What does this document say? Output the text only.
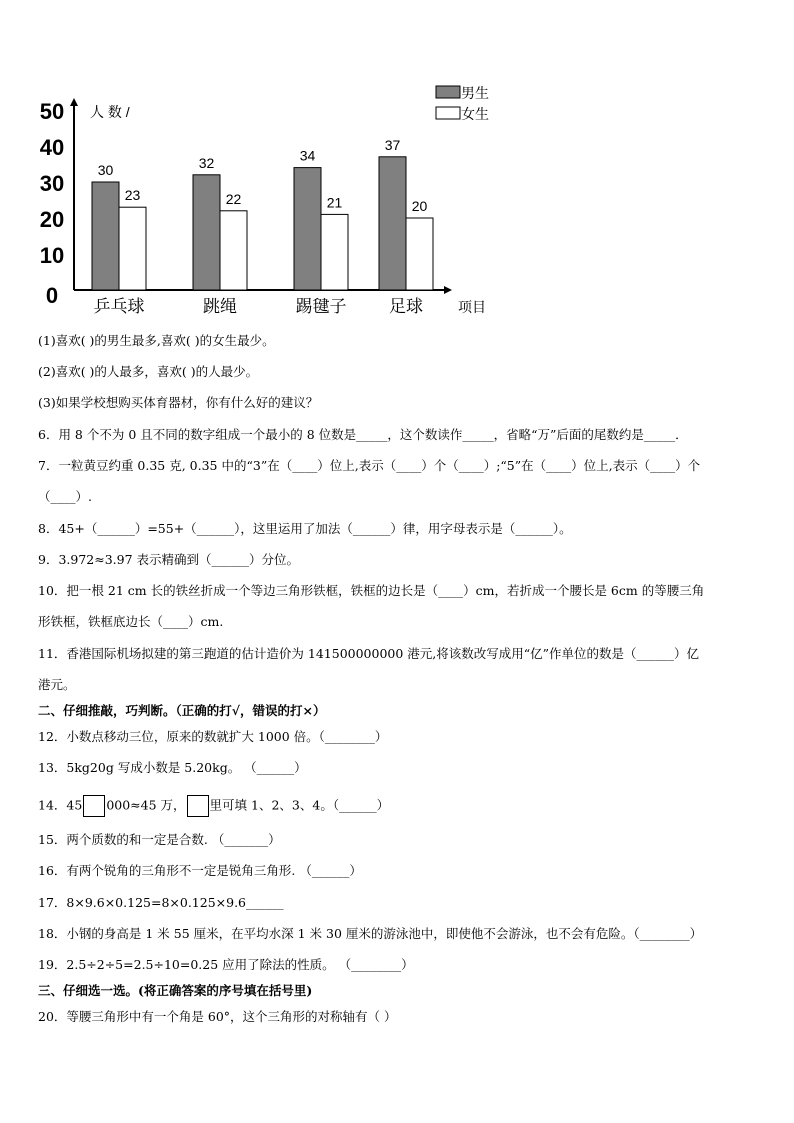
0
10
20
30
40
50 人 数 /
项目
30
23
乒乓球
32
22
跳绳
34
21
踢毽子
37
20
足球
男生
女生
(1)喜欢( )的男生最多,喜欢( )的女生最少。
(2)喜欢( )的人最多，喜欢( )的人最少。
(3)如果学校想购买体育器材，你有什么好的建议？
6．用 8 个不为 0 且不同的数字组成一个最小的 8 位数是_____，这个数读作_____，省略“万”后面的尾数约是_____．
7．一粒黄豆约重 0.35 克, 0.35 中的“3”在（____）位上,表示（____）个（____）;“5”在（____）位上,表示（____）个
（____）.
8．45+（______）=55+（______），这里运用了加法（______）律，用字母表示是（______）。
9．3.972≈3.97 表示精确到（______）分位。
10．把一根 21 cm 长的铁丝折成一个等边三角形铁框，铁框的边长是（____）cm，若折成一个腰长是 6cm 的等腰三角
形铁框，铁框底边长（____）cm.
11．香港国际机场拟建的第三跑道的估计造价为 141500000000 港元,将该数改写成用“亿”作单位的数是（______）亿
港元。
二、仔细推敲，巧判断。（正确的打√，错误的打×）
12．小数点移动三位，原来的数就扩大 1000 倍。（________）
13．5kg20g 写成小数是 5.20kg。 （______）
14．45 000≈45 万， 里可填 1、2、3、4。（______）
15．两个质数的和一定是合数. （_______）
16．有两个锐角的三角形不一定是锐角三角形. （______）
17．8×9.6×0.125=8×0.125×9.6______
18．小钢的身高是 1 米 55 厘米，在平均水深 1 米 30 厘米的游泳池中，即使他不会游泳，也不会有危险。（________）
19．2.5÷2÷5=2.5÷10=0.25 应用了除法的性质。 （________）
三、仔细选一选。(将正确答案的序号填在括号里)
20．等腰三角形中有一个角是 60°，这个三角形的对称轴有（ ）
